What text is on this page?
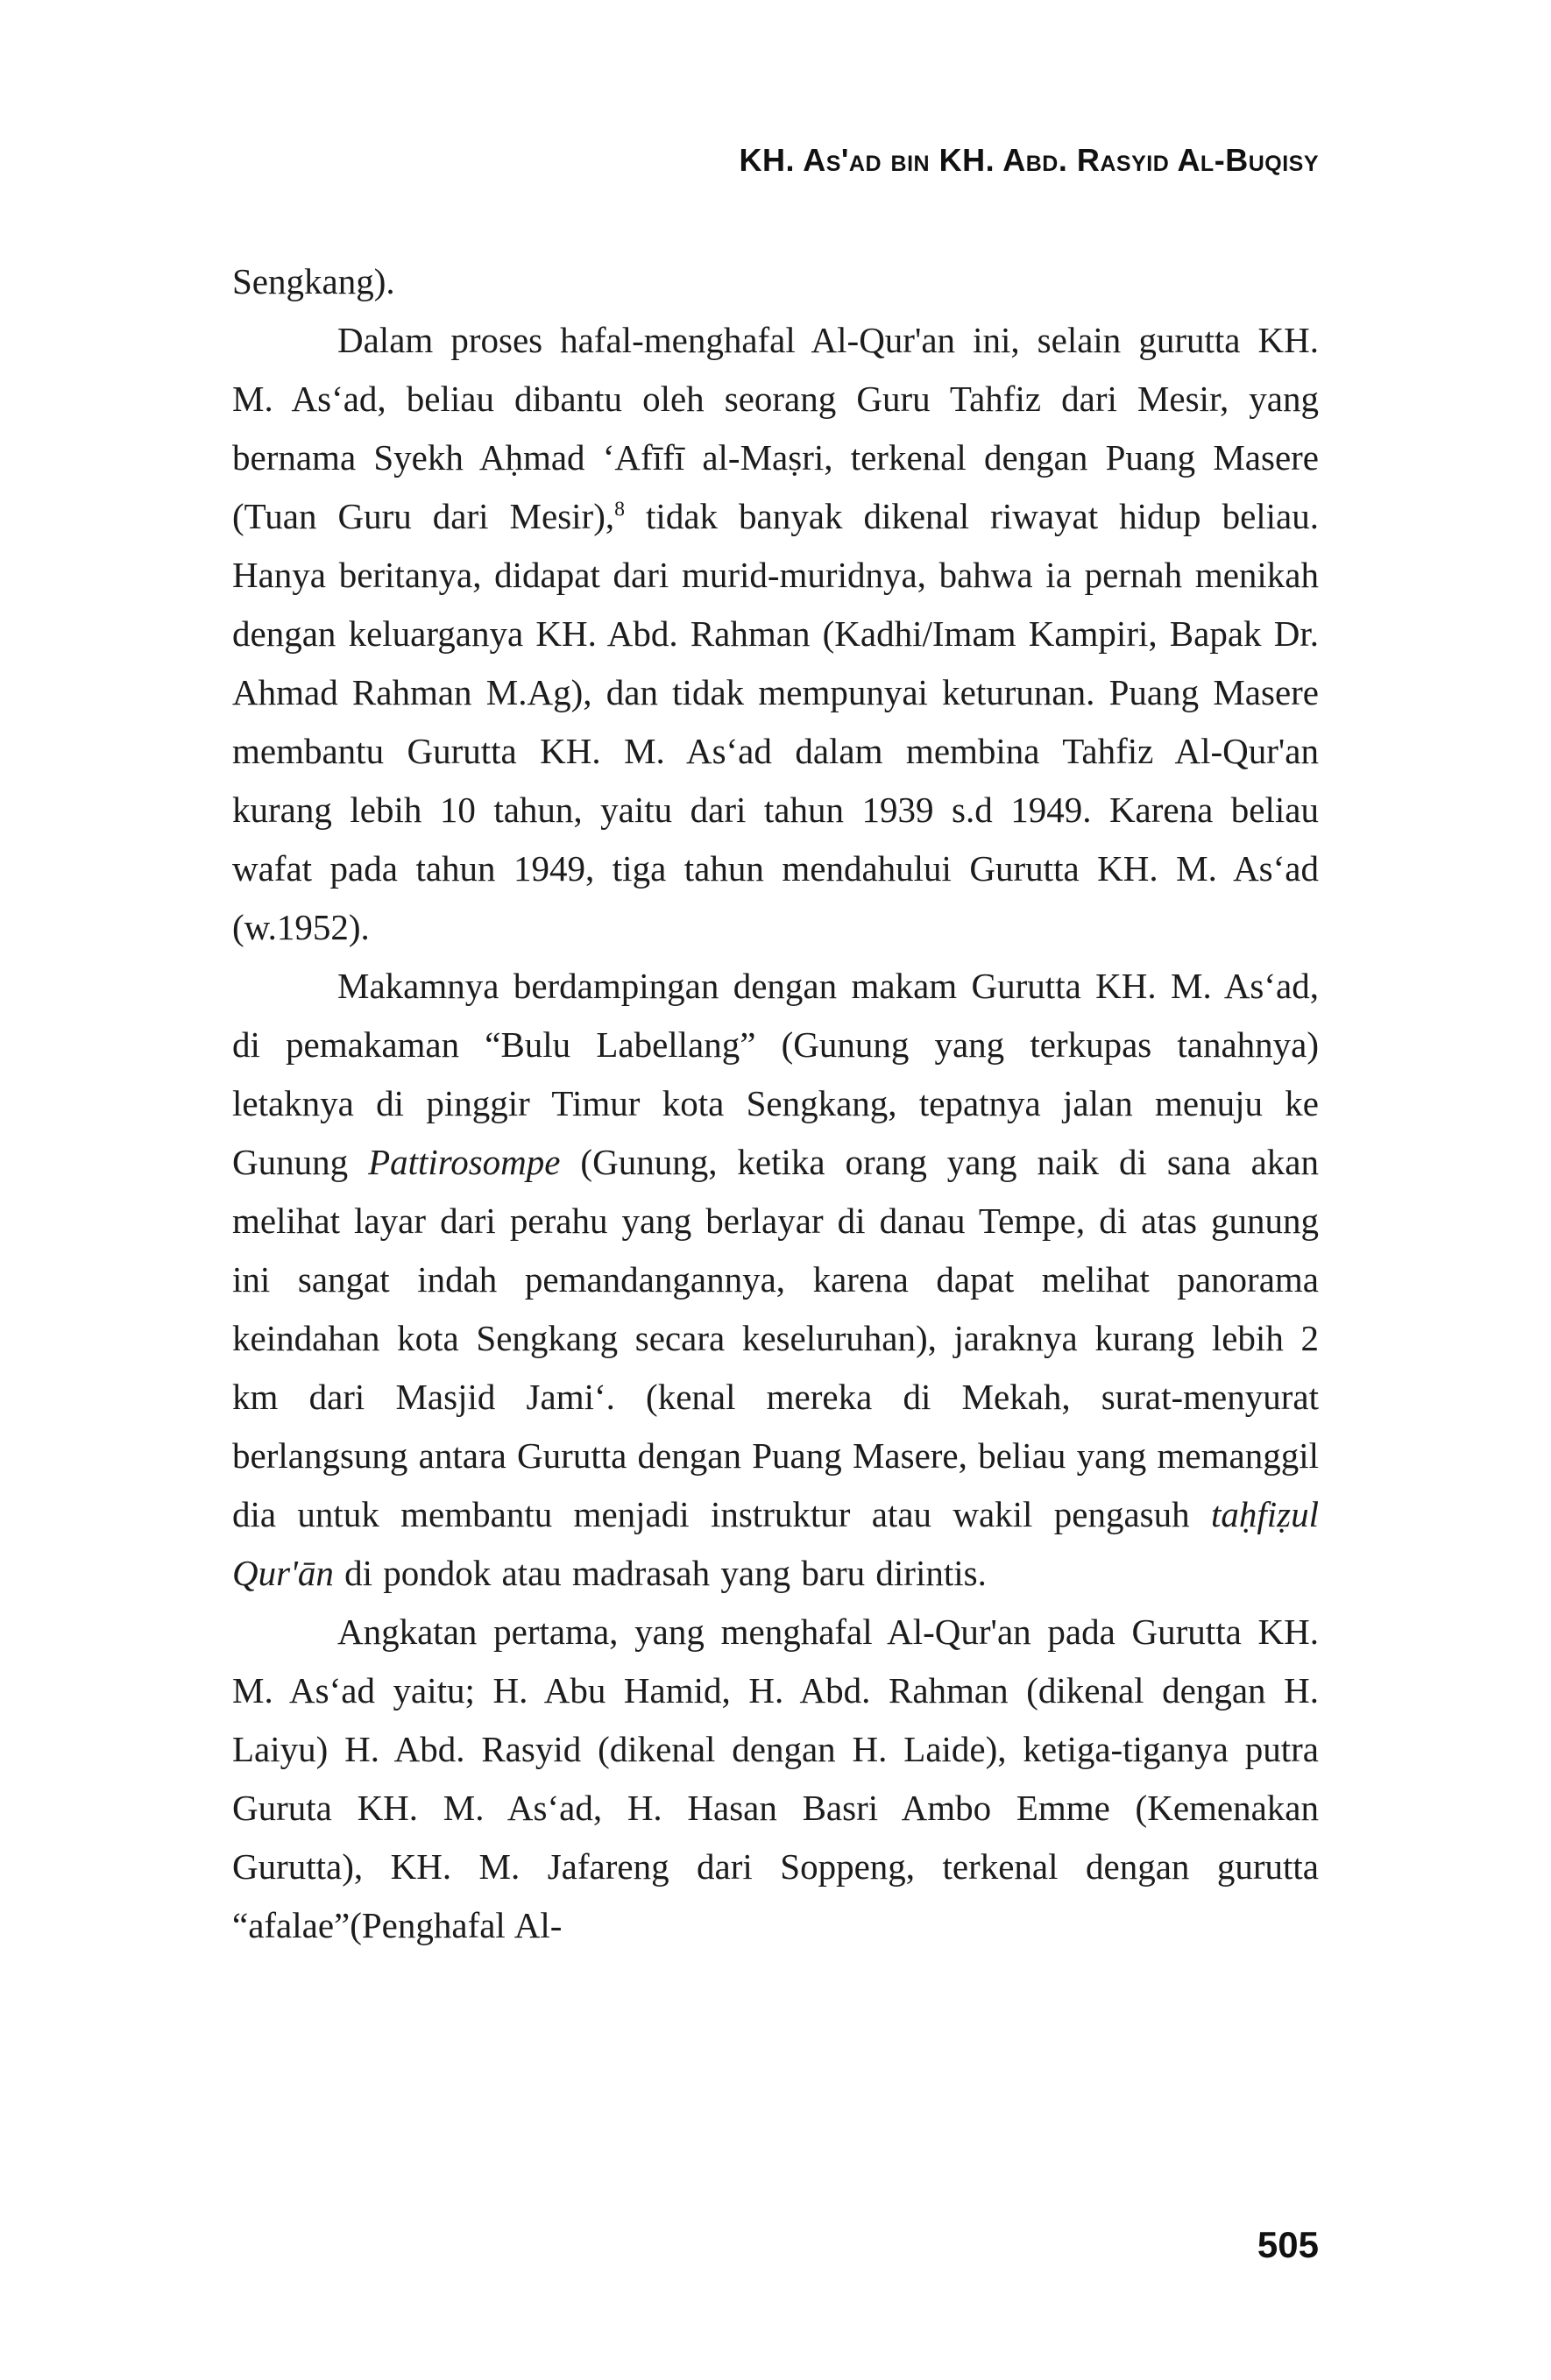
KH. As'ad bin KH. Abd. Rasyid Al-Buqisy

Sengkang).

Dalam proses hafal-menghafal Al-Qur'an ini, selain gurutta KH. M. Asʻad, beliau dibantu oleh seorang Guru Tahfiz dari Mesir, yang bernama Syekh Aḥmad ʻAfīfī al-Maṣri, terkenal dengan Puang Masere (Tuan Guru dari Mesir),$^8$ tidak banyak dikenal riwayat hidup beliau. Hanya beritanya, didapat dari murid-muridnya, bahwa ia pernah menikah dengan keluarganya KH. Abd. Rahman (Kadhi/Imam Kampiri, Bapak Dr. Ahmad Rahman M.Ag), dan tidak mempunyai keturunan. Puang Masere membantu Gurutta KH. M. Asʻad dalam membina Tahfiz Al-Qur'an kurang lebih 10 tahun, yaitu dari tahun 1939 s.d 1949. Karena beliau wafat pada tahun 1949, tiga tahun mendahului Gurutta KH. M. Asʻad (w.1952).

Makamnya berdampingan dengan makam Gurutta KH. M. Asʻad, di pemakaman “Bulu Labellang” (Gunung yang terkupas tanahnya) letaknya di pinggir Timur kota Sengkang, tepatnya jalan menuju ke Gunung Pattirosompe (Gunung, ketika orang yang naik di sana akan melihat layar dari perahu yang berlayar di danau Tempe, di atas gunung ini sangat indah pemandangannya, karena dapat melihat panorama keindahan kota Sengkang secara keseluruhan), jaraknya kurang lebih 2 km dari Masjid Jamiʻ. (kenal mereka di Mekah, surat-menyurat berlangsung antara Gurutta dengan Puang Masere, beliau yang memanggil dia untuk membantu menjadi instruktur atau wakil pengasuh taḥfiẓul Qur'ān di pondok atau madrasah yang baru dirintis.

Angkatan pertama, yang menghafal Al-Qur'an pada Gurutta KH. M. Asʻad yaitu; H. Abu Hamid, H. Abd. Rahman (dikenal dengan H. Laiyu) H. Abd. Rasyid (dikenal dengan H. Laide), ketiga-tiganya putra Guruta KH. M. Asʻad, H. Hasan Basri Ambo Emme (Kemenakan Gurutta), KH. M. Jafareng dari Soppeng, terkenal dengan gurutta “afalae”(Penghafal Al-

505
